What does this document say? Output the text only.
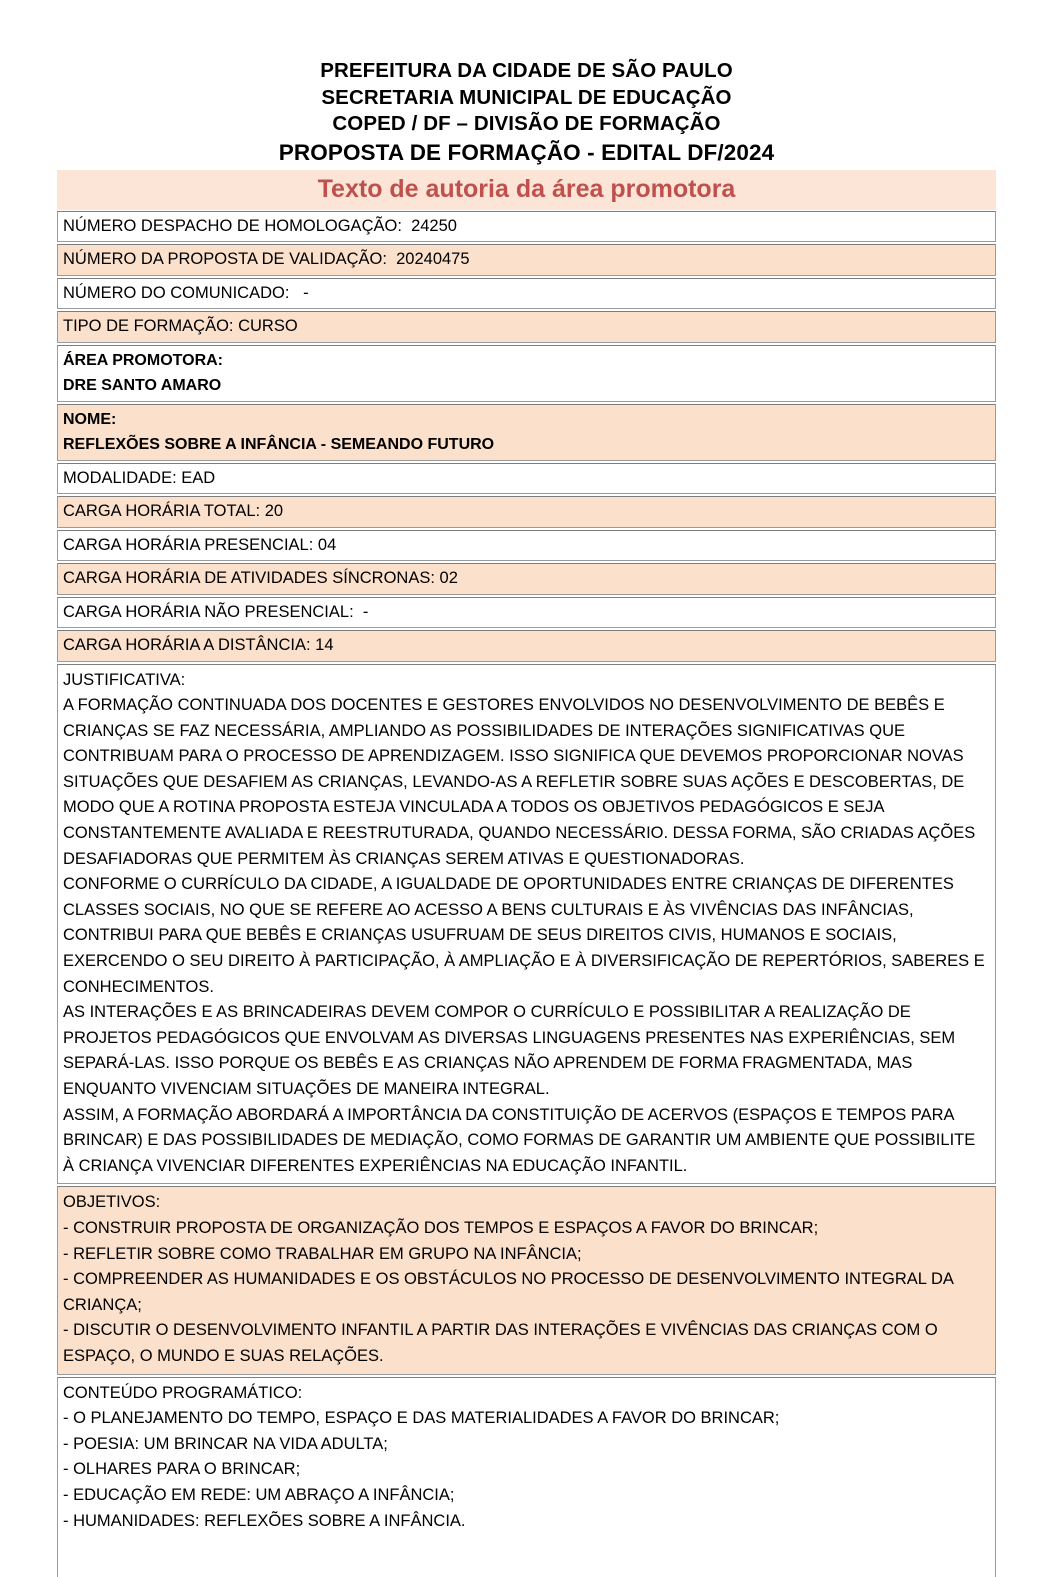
PREFEITURA DA CIDADE DE SÃO PAULO
SECRETARIA MUNICIPAL DE EDUCAÇÃO
COPED / DF – DIVISÃO DE FORMAÇÃO
PROPOSTA DE FORMAÇÃO - EDITAL DF/2024
Texto de autoria da área promotora
NÚMERO DESPACHO DE HOMOLOGAÇÃO:  24250
NÚMERO DA PROPOSTA DE VALIDAÇÃO:  20240475
NÚMERO DO COMUNICADO:   -
TIPO DE FORMAÇÃO: CURSO
ÁREA PROMOTORA:
DRE SANTO AMARO
NOME:
REFLEXÕES SOBRE A INFÂNCIA - SEMEANDO FUTURO
MODALIDADE: EAD
CARGA HORÁRIA TOTAL: 20
CARGA HORÁRIA PRESENCIAL: 04
CARGA HORÁRIA DE ATIVIDADES SÍNCRONAS: 02
CARGA HORÁRIA NÃO PRESENCIAL:  -
CARGA HORÁRIA A DISTÂNCIA: 14
JUSTIFICATIVA:
A FORMAÇÃO CONTINUADA DOS DOCENTES E GESTORES ENVOLVIDOS NO DESENVOLVIMENTO DE BEBÊS E CRIANÇAS SE FAZ NECESSÁRIA, AMPLIANDO AS POSSIBILIDADES DE INTERAÇÕES SIGNIFICATIVAS QUE CONTRIBUAM PARA O PROCESSO DE APRENDIZAGEM. ISSO SIGNIFICA QUE DEVEMOS PROPORCIONAR NOVAS SITUAÇÕES QUE DESAFIEM AS CRIANÇAS, LEVANDO-AS A REFLETIR SOBRE SUAS AÇÕES E DESCOBERTAS, DE MODO QUE A ROTINA PROPOSTA ESTEJA VINCULADA A TODOS OS OBJETIVOS PEDAGÓGICOS E SEJA CONSTANTEMENTE AVALIADA E REESTRUTURADA, QUANDO NECESSÁRIO. DESSA FORMA, SÃO CRIADAS AÇÕES DESAFIADORAS QUE PERMITEM ÀS CRIANÇAS SEREM ATIVAS E QUESTIONADORAS.
CONFORME O CURRÍCULO DA CIDADE, A IGUALDADE DE OPORTUNIDADES ENTRE CRIANÇAS DE DIFERENTES CLASSES SOCIAIS, NO QUE SE REFERE AO ACESSO A BENS CULTURAIS E ÀS VIVÊNCIAS DAS INFÂNCIAS, CONTRIBUI PARA QUE BEBÊS E CRIANÇAS USUFRUAM DE SEUS DIREITOS CIVIS, HUMANOS E SOCIAIS, EXERCENDO O SEU DIREITO À PARTICIPAÇÃO, À AMPLIAÇÃO E À DIVERSIFICAÇÃO DE REPERTÓRIOS, SABERES E CONHECIMENTOS.
AS INTERAÇÕES E AS BRINCADEIRAS DEVEM COMPOR O CURRÍCULO E POSSIBILITAR A REALIZAÇÃO DE PROJETOS PEDAGÓGICOS QUE ENVOLVAM AS DIVERSAS LINGUAGENS PRESENTES NAS EXPERIÊNCIAS, SEM SEPARÁ-LAS. ISSO PORQUE OS BEBÊS E AS CRIANÇAS NÃO APRENDEM DE FORMA FRAGMENTADA, MAS ENQUANTO VIVENCIAM SITUAÇÕES DE MANEIRA INTEGRAL.
ASSIM, A FORMAÇÃO ABORDARÁ A IMPORTÂNCIA DA CONSTITUIÇÃO DE ACERVOS (ESPAÇOS E TEMPOS PARA BRINCAR) E DAS POSSIBILIDADES DE MEDIAÇÃO, COMO FORMAS DE GARANTIR UM AMBIENTE QUE POSSIBILITE À CRIANÇA VIVENCIAR DIFERENTES EXPERIÊNCIAS NA EDUCAÇÃO INFANTIL.
OBJETIVOS:
- CONSTRUIR PROPOSTA DE ORGANIZAÇÃO DOS TEMPOS E ESPAÇOS A FAVOR DO BRINCAR;
- REFLETIR SOBRE COMO TRABALHAR EM GRUPO NA INFÂNCIA;
- COMPREENDER AS HUMANIDADES E OS OBSTÁCULOS NO PROCESSO DE DESENVOLVIMENTO INTEGRAL DA CRIANÇA;
- DISCUTIR O DESENVOLVIMENTO INFANTIL A PARTIR DAS INTERAÇÕES E VIVÊNCIAS DAS CRIANÇAS COM O ESPAÇO, O MUNDO E SUAS RELAÇÕES.
CONTEÚDO PROGRAMÁTICO:
- O PLANEJAMENTO DO TEMPO, ESPAÇO E DAS MATERIALIDADES A FAVOR DO BRINCAR;
- POESIA: UM BRINCAR NA VIDA ADULTA;
- OLHARES PARA O BRINCAR;
- EDUCAÇÃO EM REDE: UM ABRAÇO A INFÂNCIA;
- HUMANIDADES: REFLEXÕES SOBRE A INFÂNCIA.
